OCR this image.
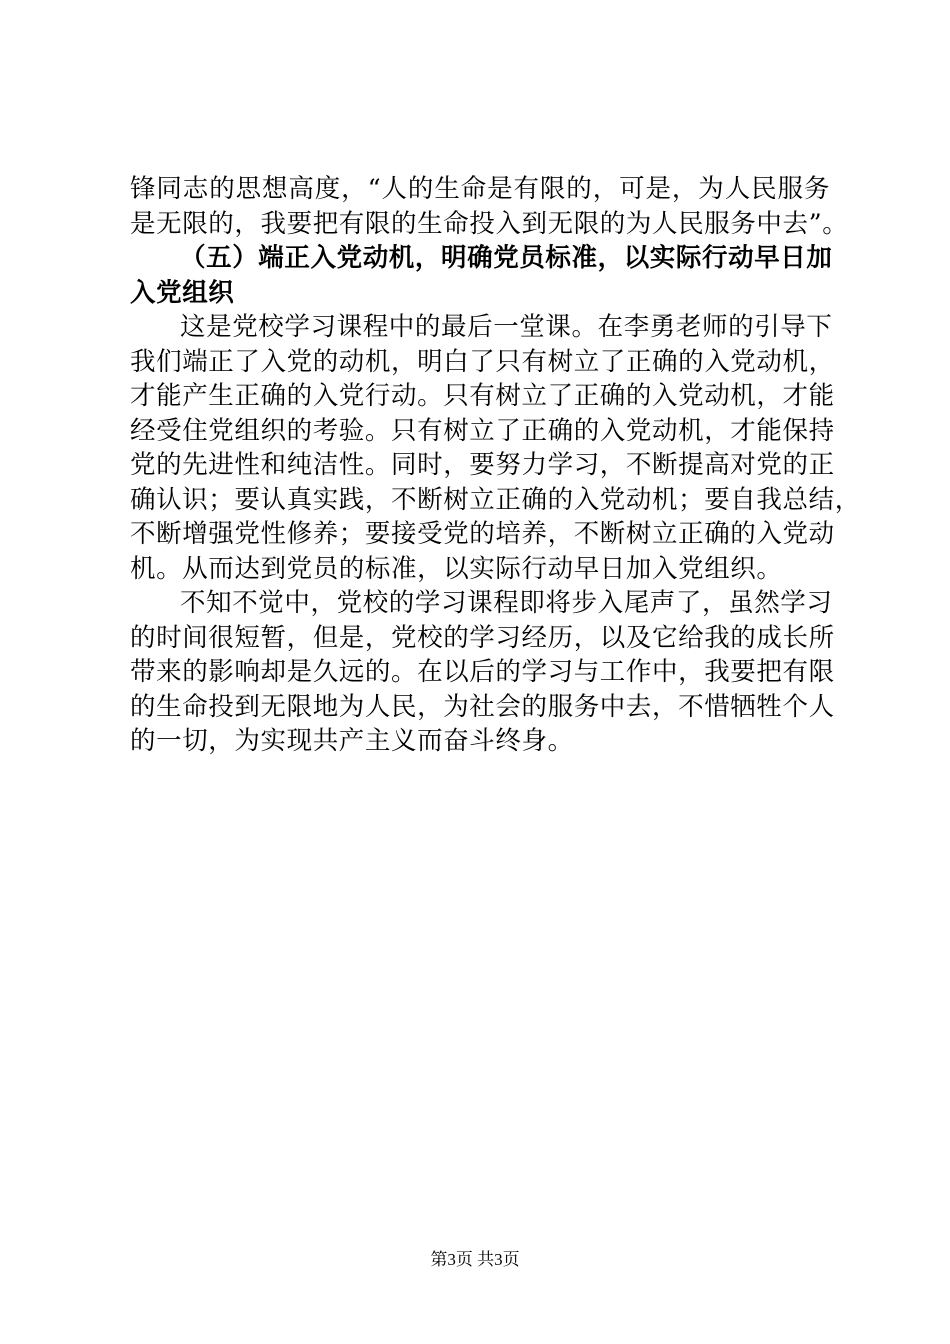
锋同志的思想高度，“人的生命是有限的，可是，为人民服务
是无限的，我要把有限的生命投入到无限的为人民服务中去”。
（五）端正入党动机，明确党员标准，以实际行动早日加
入党组织
这是党校学习课程中的最后一堂课。在李勇老师的引导下
我们端正了入党的动机，明白了只有树立了正确的入党动机，
才能产生正确的入党行动。只有树立了正确的入党动机，才能
经受住党组织的考验。只有树立了正确的入党动机，才能保持
党的先进性和纯洁性。同时，要努力学习，不断提高对党的正
确认识；要认真实践，不断树立正确的入党动机；要自我总结，
不断增强党性修养；要接受党的培养，不断树立正确的入党动
机。从而达到党员的标准，以实际行动早日加入党组织。
不知不觉中，党校的学习课程即将步入尾声了，虽然学习
的时间很短暂，但是，党校的学习经历，以及它给我的成长所
带来的影响却是久远的。在以后的学习与工作中，我要把有限
的生命投到无限地为人民，为社会的服务中去，不惜牺牲个人
的一切，为实现共产主义而奋斗终身。
第3页 共3页
